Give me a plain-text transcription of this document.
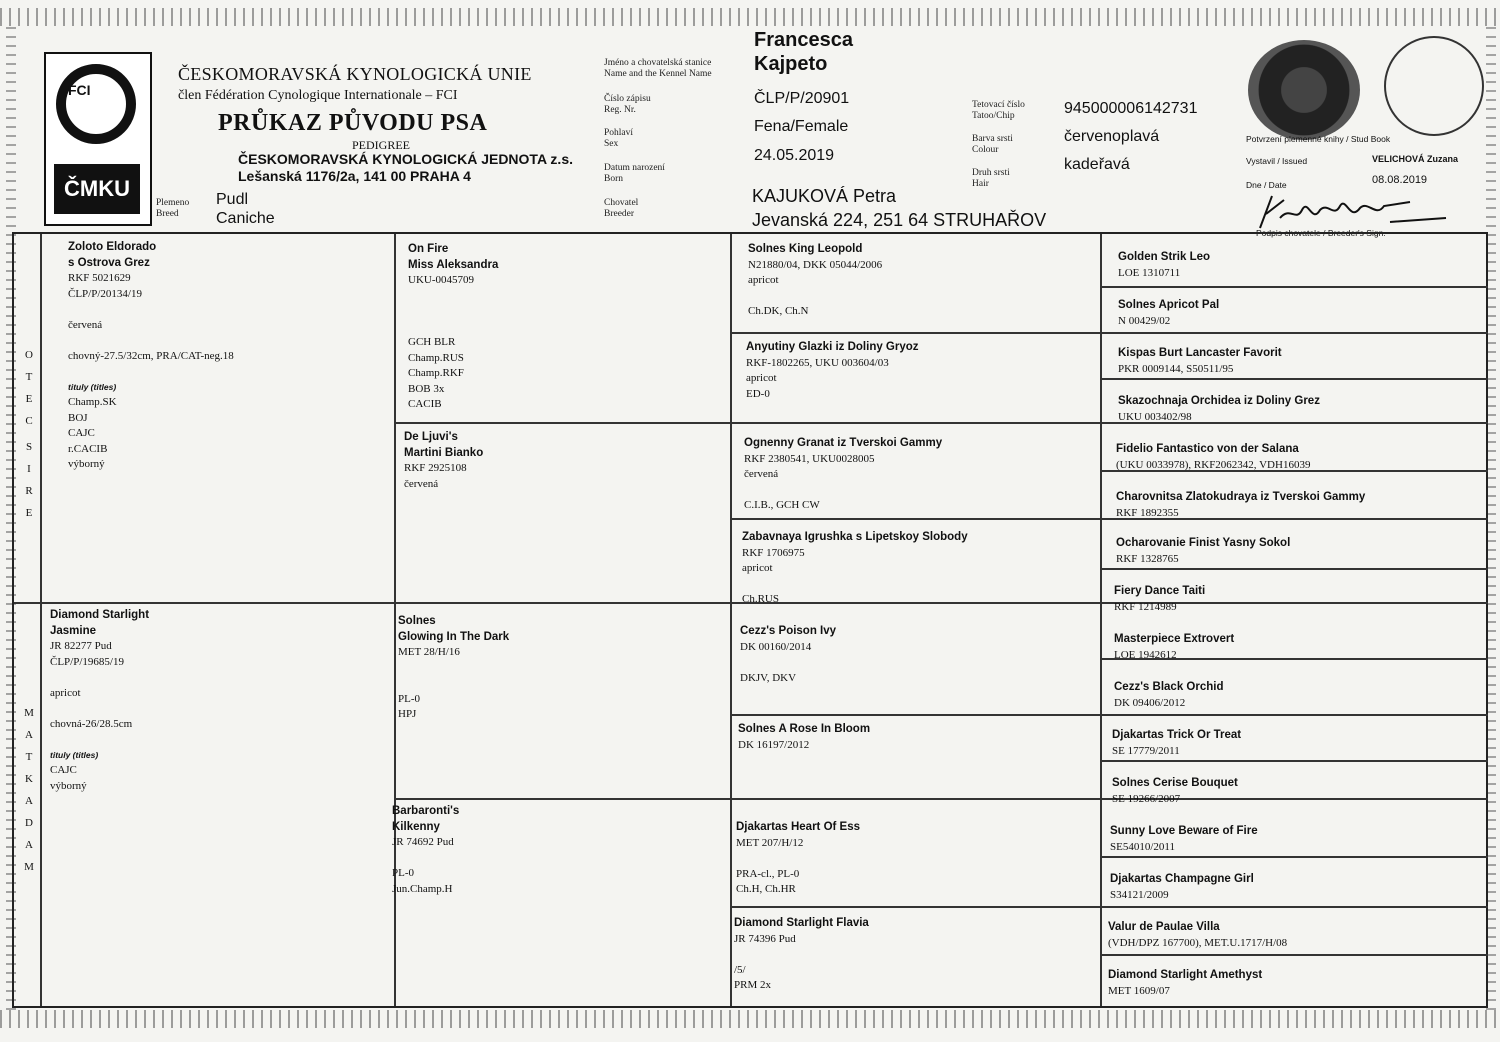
FCI
ČMKU
ČESKOMORAVSKÁ KYNOLOGICKÁ UNIE
člen Fédération Cynologique Internationale – FCI
PRŮKAZ PŮVODU PSA
PEDIGREE
ČESKOMORAVSKÁ KYNOLOGICKÁ JEDNOTA z.s.
Lešanská 1176/2a, 141 00 PRAHA 4
Plemeno
Breed
Pudl
Caniche
Jméno a chovatelská stanice
Name and the Kennel Name
Číslo zápisu
Reg. Nr.
Pohlaví
Sex
Datum narození
Born
Chovatel
Breeder
Francesca
Kajpeto
ČLP/P/20901
Fena/Female
24.05.2019
KAJUKOVÁ Petra
Jevanská 224, 251 64 STRUHAŘOV
Tetovací číslo
Tatoo/Chip
Barva srsti
Colour
Druh srsti
Hair
945000006142731
červenoplavá
kadeřavá
Potvrzení plemenné knihy / Stud Book
Vystavil / Issued	VELICHOVÁ Zuzana
Dne / Date	08.08.2019
Podpis chovatele / Breeder's Sign.
O
T
E
C
S
I
R
E
M
A
T
K
A
D
A
M
Zoloto Eldorado
s Ostrova Grez
RKF 5021629
ČLP/P/20134/19
červená
chovný-27.5/32cm, PRA/CAT-neg.18
tituly (titles)
Champ.SK
BOJ
CAJC
r.CACIB
výborný
Diamond Starlight
Jasmine
JR 82277 Pud
ČLP/P/19685/19
apricot
chovná-26/28.5cm
tituly (titles)
CAJC
výborný
On Fire
Miss Aleksandra
UKU-0045709
GCH BLR
Champ.RUS
Champ.RKF
BOB 3x
CACIB
De Ljuvi's
Martini Bianko
RKF 2925108
červená
Solnes
Glowing In The Dark
MET 28/H/16
PL-0
HPJ
Barbaronti's
Kilkenny
JR 74692 Pud
PL-0
Jun.Champ.H
Solnes King Leopold
N21880/04, DKK 05044/2006
apricot
Ch.DK, Ch.N
Anyutiny Glazki iz Doliny Gryoz
RKF-1802265, UKU 003604/03
apricot
ED-0
Ognenny Granat iz Tverskoi Gammy
RKF 2380541, UKU0028005
červená
C.I.B., GCH CW
Zabavnaya Igrushka s Lipetskoy Slobody
RKF 1706975
apricot
Ch.RUS
Cezz's Poison Ivy
DK 00160/2014
DKJV, DKV
Solnes A Rose In Bloom
DK 16197/2012
Djakartas Heart Of Ess
MET 207/H/12
PRA-cl., PL-0
Ch.H, Ch.HR
Diamond Starlight Flavia
JR 74396 Pud
/5/
PRM 2x
Golden Strik Leo
LOE 1310711
Solnes Apricot Pal
N 00429/02
Kispas Burt Lancaster Favorit
PKR 0009144, S50511/95
Skazochnaja Orchidea iz Doliny Grez
UKU 003402/98
Fidelio Fantastico von der Salana
(UKU 0033978), RKF2062342, VDH16039
Charovnitsa Zlatokudraya iz Tverskoi Gammy
RKF 1892355
Ocharovanie Finist Yasny Sokol
RKF 1328765
Fiery Dance Taiti
RKF 1214989
Masterpiece Extrovert
LOE 1942612
Cezz's Black Orchid
DK 09406/2012
Djakartas Trick Or Treat
SE 17779/2011
Solnes Cerise Bouquet
SE 19266/2007
Sunny Love Beware of Fire
SE54010/2011
Djakartas Champagne Girl
S34121/2009
Valur de Paulae Villa
(VDH/DPZ 167700), MET.U.1717/H/08
Diamond Starlight Amethyst
MET 1609/07
